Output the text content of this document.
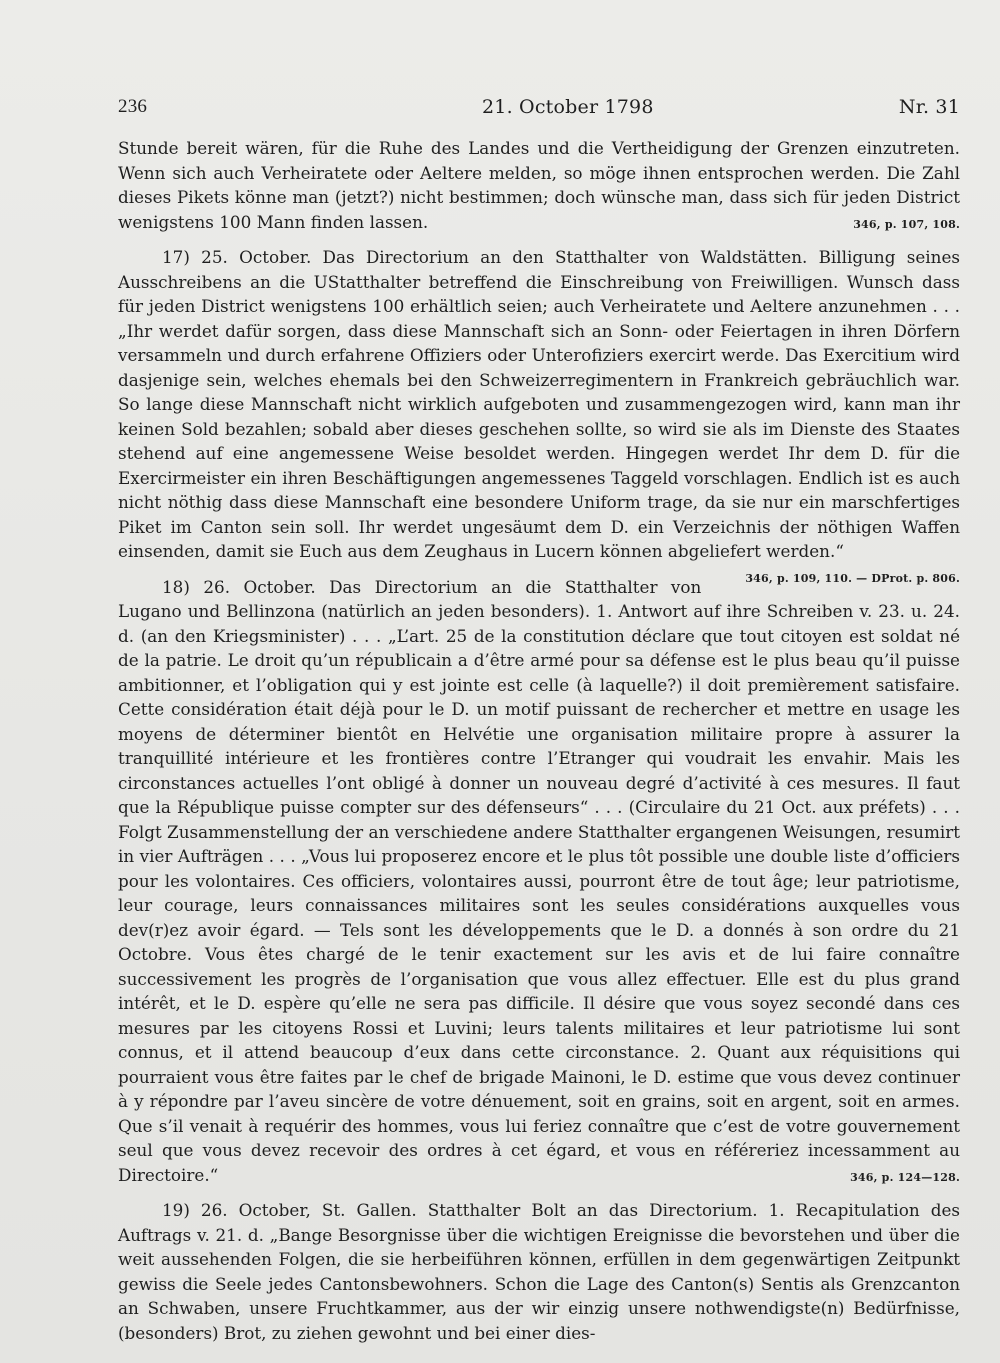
236	21. October 1798	Nr. 31

Stunde bereit wären, für die Ruhe des Landes und die Vertheidigung der Grenzen einzutreten. Wenn sich auch Verheiratete oder Aeltere melden, so möge ihnen entsprochen werden. Die Zahl dieses Pikets könne man (jetzt?) nicht bestimmen; doch wünsche man, dass sich für jeden District wenigstens 100 Mann finden lassen.	346, p. 107, 108.

17) 25. October. Das Directorium an den Statthalter von Waldstätten. Billigung seines Ausschreibens an die UStatthalter betreffend die Einschreibung von Freiwilligen. Wunsch dass für jeden District wenigstens 100 erhältlich seien; auch Verheiratete und Aeltere anzunehmen . . . „Ihr werdet dafür sorgen, dass diese Mannschaft sich an Sonn- oder Feiertagen in ihren Dörfern versammeln und durch erfahrene Offiziers oder Unterofiziers exercirt werde. Das Exercitium wird dasjenige sein, welches ehemals bei den Schweizerregimentern in Frankreich gebräuchlich war. So lange diese Mannschaft nicht wirklich aufgeboten und zusammengezogen wird, kann man ihr keinen Sold bezahlen; sobald aber dieses geschehen sollte, so wird sie als im Dienste des Staates stehend auf eine angemessene Weise besoldet werden. Hingegen werdet Ihr dem D. für die Exercirmeister ein ihren Beschäftigungen angemessenes Taggeld vorschlagen. Endlich ist es auch nicht nöthig dass diese Mannschaft eine besondere Uniform trage, da sie nur ein marschfertiges Piket im Canton sein soll. Ihr werdet ungesäumt dem D. ein Verzeichnis der nöthigen Waffen einsenden, damit sie Euch aus dem Zeughaus in Lucern können abgeliefert werden.“
346, p. 109, 110. — DProt. p. 806.

18) 26. October. Das Directorium an die Statthalter von Lugano und Bellinzona (natürlich an jeden besonders). 1. Antwort auf ihre Schreiben v. 23. u. 24. d. (an den Kriegsminister) . . . „L’art. 25 de la constitution déclare que tout citoyen est soldat né de la patrie. Le droit qu’un républicain a d’être armé pour sa défense est le plus beau qu’il puisse ambitionner, et l’obligation qui y est jointe est celle (à laquelle?) il doit premièrement satisfaire. Cette considération était déjà pour le D. un motif puissant de rechercher et mettre en usage les moyens de déterminer bientôt en Helvétie une organisation militaire propre à assurer la tranquillité intérieure et les frontières contre l’Etranger qui voudrait les envahir. Mais les circonstances actuelles l’ont obligé à donner un nouveau degré d’activité à ces mesures. Il faut que la République puisse compter sur des défenseurs“ . . . (Circulaire du 21 Oct. aux préfets) . . . Folgt Zusammenstellung der an verschiedene andere Statthalter ergangenen Weisungen, resumirt in vier Aufträgen . . . „Vous lui proposerez encore et le plus tôt possible une double liste d’officiers pour les volontaires. Ces officiers, volontaires aussi, pourront être de tout âge; leur patriotisme, leur courage, leurs connaissances militaires sont les seules considérations auxquelles vous dev(r)ez avoir égard. — Tels sont les développements que le D. a donnés à son ordre du 21 Octobre. Vous êtes chargé de le tenir exactement sur les avis et de lui faire connaître successivement les progrès de l’organisation que vous allez effectuer. Elle est du plus grand intérêt, et le D. espère qu’elle ne sera pas difficile. Il désire que vous soyez secondé dans ces mesures par les citoyens Rossi et Luvini; leurs talents militaires et leur patriotisme lui sont connus, et il attend beaucoup d’eux dans cette circonstance. 2. Quant aux réquisitions qui pourraient vous être faites par le chef de brigade Mainoni, le D. estime que vous devez continuer à y répondre par l’aveu sincère de votre dénuement, soit en grains, soit en argent, soit en armes. Que s’il venait à requérir des hommes, vous lui feriez connaître que c’est de votre gouvernement seul que vous devez recevoir des ordres à cet égard, et vous en référeriez incessamment au Directoire.“	346, p. 124—128.

19) 26. October, St. Gallen. Statthalter Bolt an das Directorium. 1. Recapitulation des Auftrags v. 21. d. „Bange Besorgnisse über die wichtigen Ereignisse die bevorstehen und über die weit aussehenden Folgen, die sie herbeiführen können, erfüllen in dem gegenwärtigen Zeitpunkt gewiss die Seele jedes Cantonsbewohners. Schon die Lage des Canton(s) Sentis als Grenzcanton an Schwaben, unsere Fruchtkammer, aus der wir einzig unsere nothwendigste(n) Bedürfnisse, (besonders) Brot, zu ziehen gewohnt und bei einer dies-
